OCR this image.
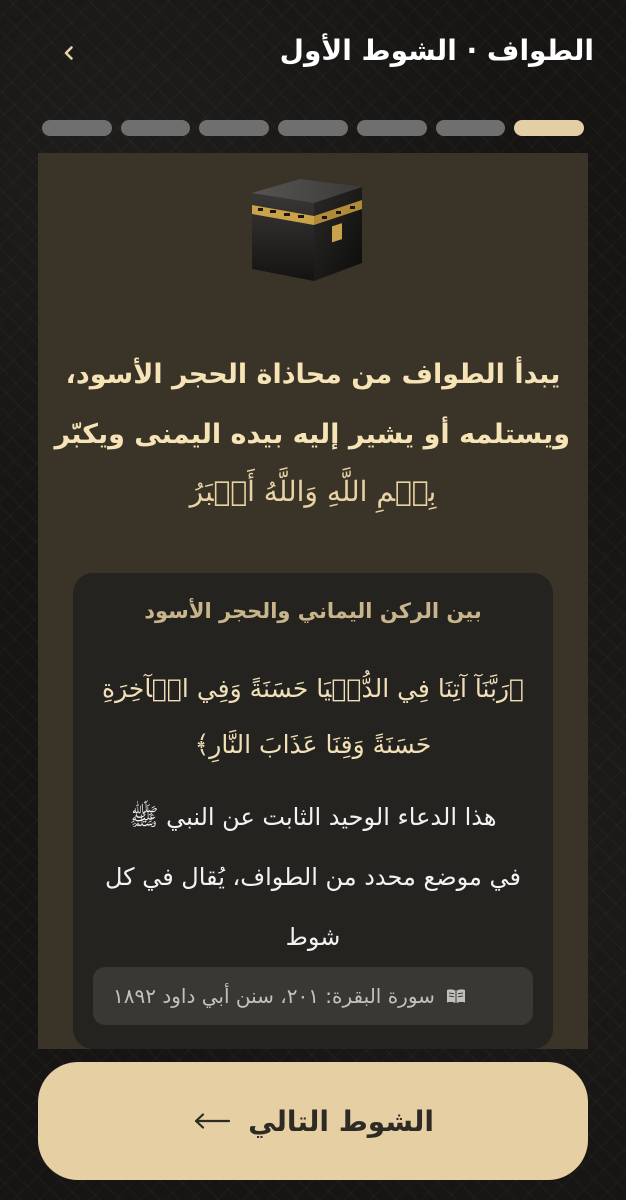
الطواف · الشوط الأول
يبدأ الطواف من محاذاة الحجر الأسود،
ويستلمه أو يشير إليه بيده اليمنى ويكبّر
بِسۡمِ اللَّهِ وَاللَّهُ أَكۡبَرُ
بين الركن اليماني والحجر الأسود
﴿رَبَّنَآ آتِنَا فِي الدُّنۡيَا حَسَنَةً وَفِي الۡآخِرَةِ
حَسَنَةً وَقِنَا عَذَابَ النَّارِ﴾
هذا الدعاء الوحيد الثابت عن النبي ﷺ
في موضع محدد من الطواف، يُقال في كل
شوط
سورة البقرة: ٢٠١، سنن أبي داود ١٨٩٢
الشوط التالي
